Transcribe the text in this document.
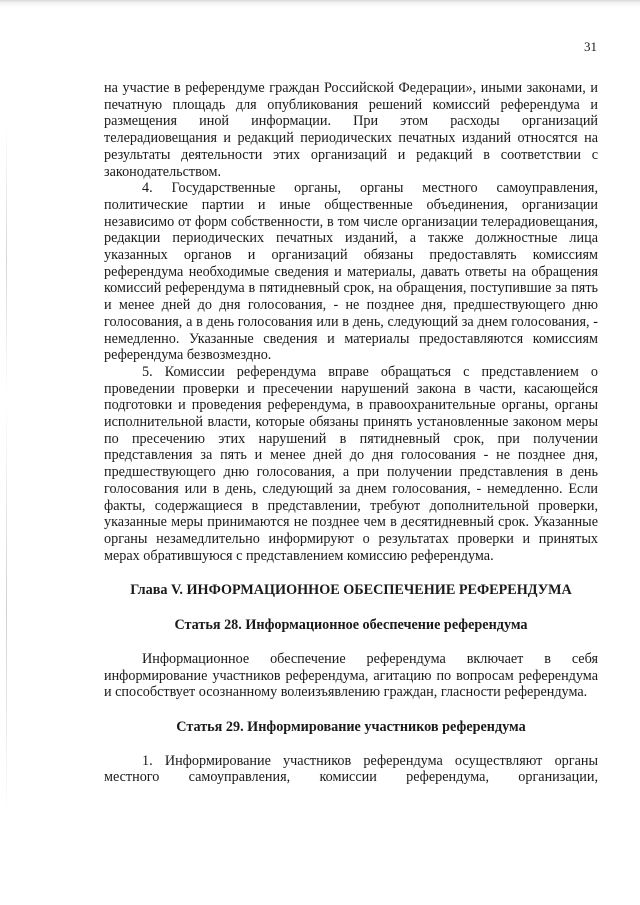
31

на участие в референдуме граждан Российской Федерации», иными законами, и печатную площадь для опубликования решений комиссий референдума и размещения иной информации. При этом расходы организаций телерадиовещания и редакций периодических печатных изданий относятся на результаты деятельности этих организаций и редакций в соответствии с законодательством.

4. Государственные органы, органы местного самоуправления, политические партии и иные общественные объединения, организации независимо от форм собственности, в том числе организации телерадиовещания, редакции периодических печатных изданий, а также должностные лица указанных органов и организаций обязаны предоставлять комиссиям референдума необходимые сведения и материалы, давать ответы на обращения комиссий референдума в пятидневный срок, на обращения, поступившие за пять и менее дней до дня голосования, - не позднее дня, предшествующего дню голосования, а в день голосования или в день, следующий за днем голосования, - немедленно. Указанные сведения и материалы предоставляются комиссиям референдума безвозмездно.

5. Комиссии референдума вправе обращаться с представлением о проведении проверки и пресечении нарушений закона в части, касающейся подготовки и проведения референдума, в правоохранительные органы, органы исполнительной власти, которые обязаны принять установленные законом меры по пресечению этих нарушений в пятидневный срок, при получении представления за пять и менее дней до дня голосования - не позднее дня, предшествующего дню голосования, а при получении представления в день голосования или в день, следующий за днем голосования, - немедленно. Если факты, содержащиеся в представлении, требуют дополнительной проверки, указанные меры принимаются не позднее чем в десятидневный срок. Указанные органы незамедлительно информируют о результатах проверки и принятых мерах обратившуюся с представлением комиссию референдума.

Глава V. ИНФОРМАЦИОННОЕ ОБЕСПЕЧЕНИЕ РЕФЕРЕНДУМА
Статья 28. Информационное обеспечение референдума

Информационное обеспечение референдума включает в себя информирование участников референдума, агитацию по вопросам референдума и способствует осознанному волеизъявлению граждан, гласности референдума.

Статья 29. Информирование участников референдума

1. Информирование участников референдума осуществляют органы местного самоуправления, комиссии референдума, организации,
